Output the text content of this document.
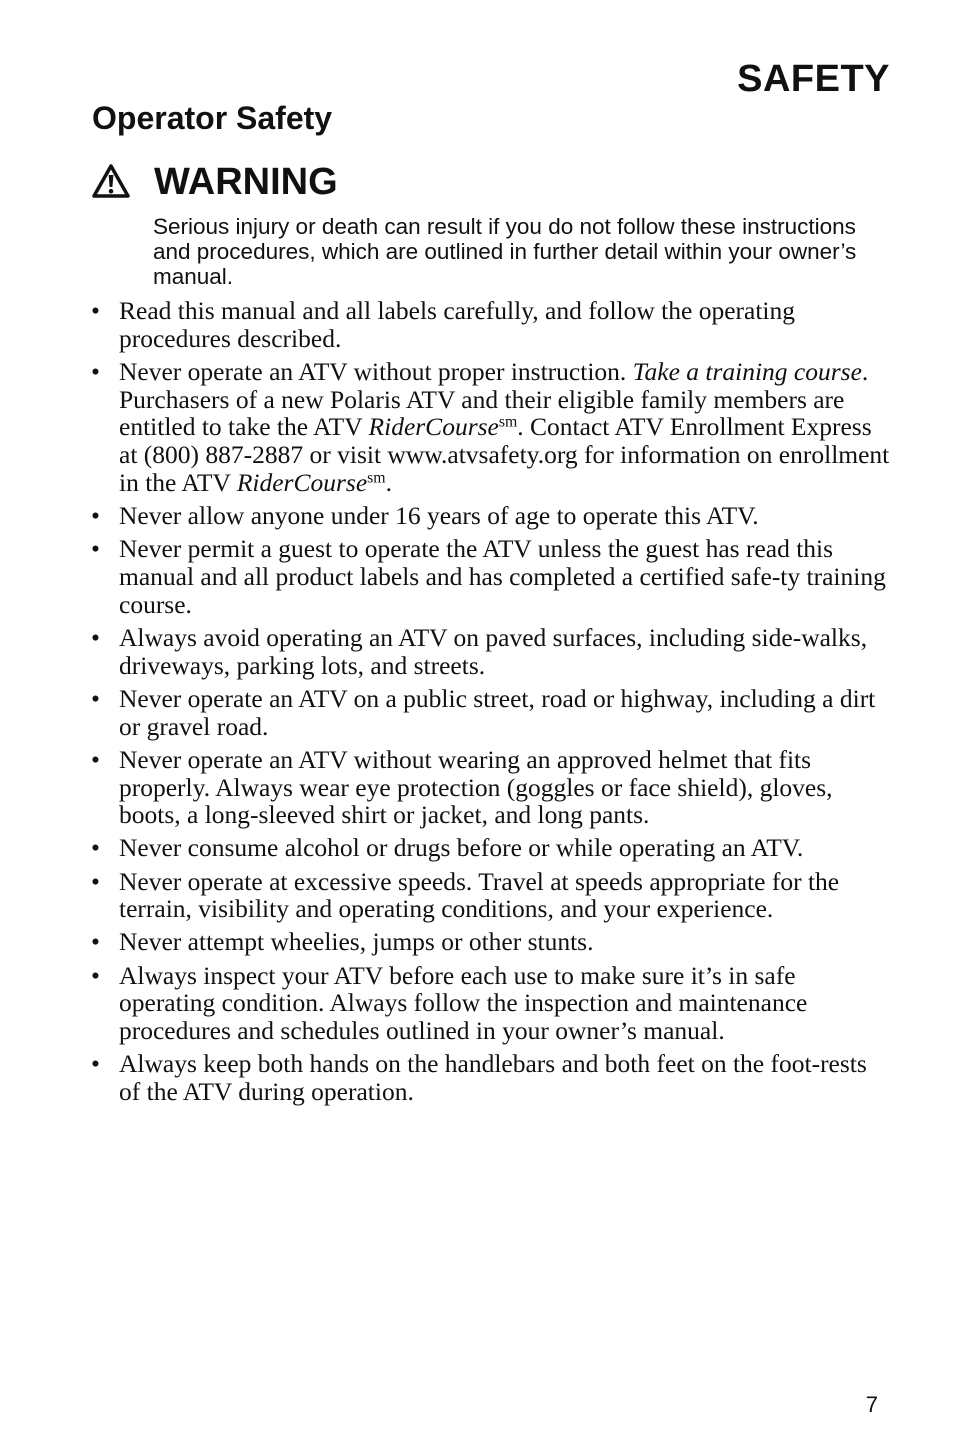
SAFETY
Operator Safety
WARNING

Serious injury or death can result if you do not follow these instructions and procedures, which are outlined in further detail within your owner’s manual.

• Read this manual and all labels carefully, and follow the operating procedures described.
• Never operate an ATV without proper instruction. Take a training course. Purchasers of a new Polaris ATV and their eligible family members are entitled to take the ATV RiderCourse$^{sm}$. Contact ATV Enrollment Express at (800) 887-2887 or visit www.atvsafety.org for information on enrollment in the ATV RiderCourse$^{sm}$.
• Never allow anyone under 16 years of age to operate this ATV.
• Never permit a guest to operate the ATV unless the guest has read this manual and all product labels and has completed a certified safe-ty training course.
• Always avoid operating an ATV on paved surfaces, including side-walks, driveways, parking lots, and streets.
• Never operate an ATV on a public street, road or highway, including a dirt or gravel road.
• Never operate an ATV without wearing an approved helmet that fits properly. Always wear eye protection (goggles or face shield), gloves, boots, a long-sleeved shirt or jacket, and long pants.
• Never consume alcohol or drugs before or while operating an ATV.
• Never operate at excessive speeds. Travel at speeds appropriate for the terrain, visibility and operating conditions, and your experience.
• Never attempt wheelies, jumps or other stunts.
• Always inspect your ATV before each use to make sure it’s in safe operating condition. Always follow the inspection and maintenance procedures and schedules outlined in your owner’s manual.
• Always keep both hands on the handlebars and both feet on the foot-rests of the ATV during operation.
7
